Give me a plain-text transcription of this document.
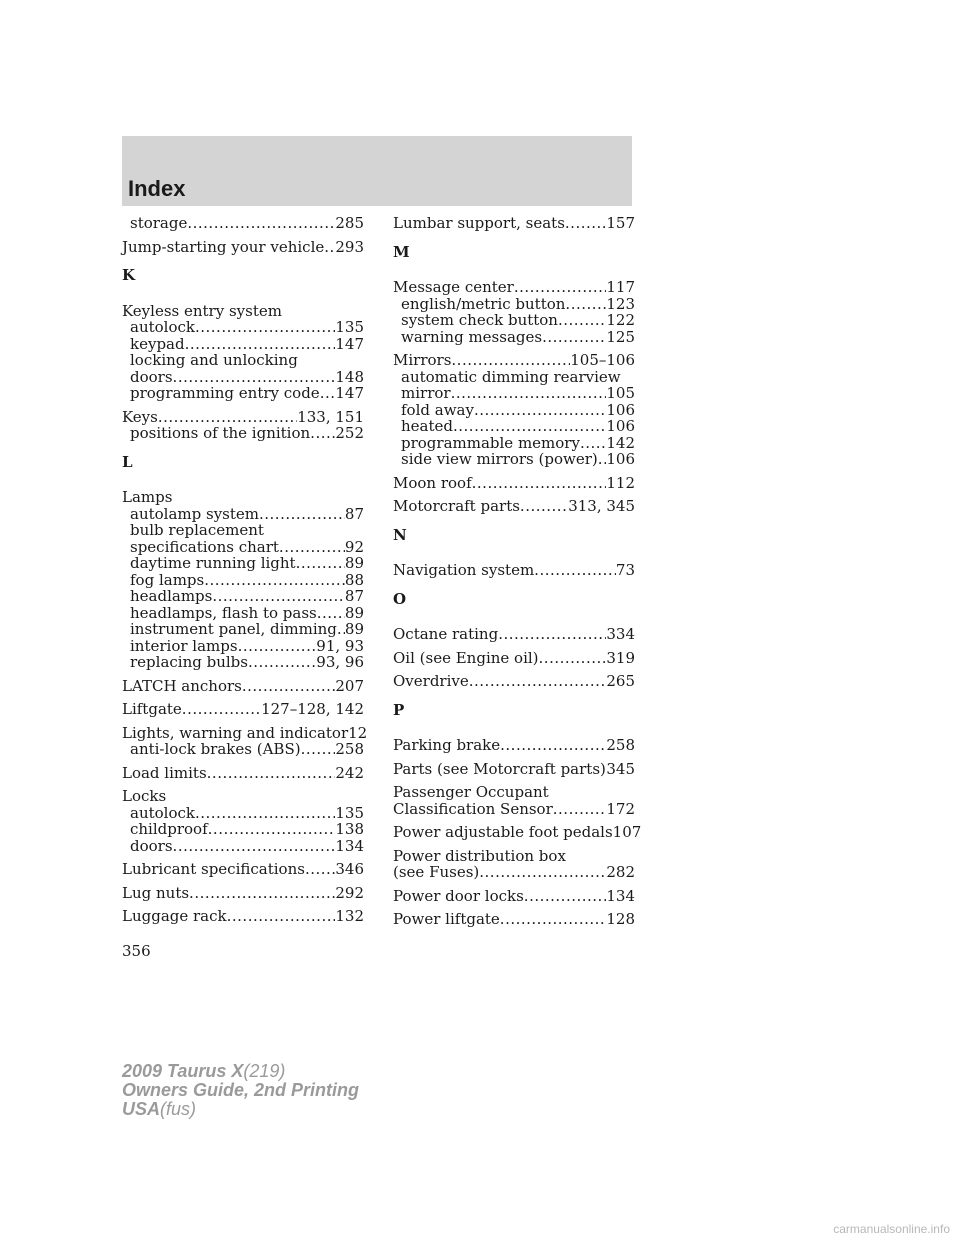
Index
storage .....	285
Jump-starting your vehicle ..... 293
K
Keyless entry system
autolock .....	135
keypad .....	147
locking and unlocking
doors .....	148
programming entry code ..... 147
Keys .....	133, 151
positions of the ignition ..... 252
L
Lamps
autolamp system .....	87
bulb replacement
specifications chart .....	92
daytime running light .....	89
fog lamps .....	88
headlamps .....	87
headlamps, flash to pass ..... 89
instrument panel, dimming ..... 89
interior lamps .....	91, 93
replacing bulbs .....	93, 96
LATCH anchors .....	207
Liftgate .....	127–128, 142
Lights, warning and indicator 12
anti-lock brakes (ABS) ..... 258
Load limits .....	242
Locks
autolock .....	135
childproof .....	138
doors .....	134
Lubricant specifications ..... 346
Lug nuts .....	292
Luggage rack .....	132
Lumbar support, seats .....	157
M
Message center .....	117
english/metric button .....	123
system check button .....	122
warning messages .....	125
Mirrors .....	105–106
automatic dimming rearview
mirror .....	105
fold away .....	106
heated .....	106
programmable memory ..... 142
side view mirrors (power) ..... 106
Moon roof .....	112
Motorcraft parts .....	313, 345
N
Navigation system .....	73
O
Octane rating .....	334
Oil (see Engine oil) .....	319
Overdrive .....	265
P
Parking brake .....	258
Parts (see Motorcraft parts) ..... 345
Passenger Occupant
Classification Sensor .....	172
Power adjustable foot pedals 107
Power distribution box
(see Fuses) .....	282
Power door locks .....	134
Power liftgate .....	128
356
2009 Taurus X(219)
Owners Guide, 2nd Printing
USA(fus)
carmanualsonline.info
